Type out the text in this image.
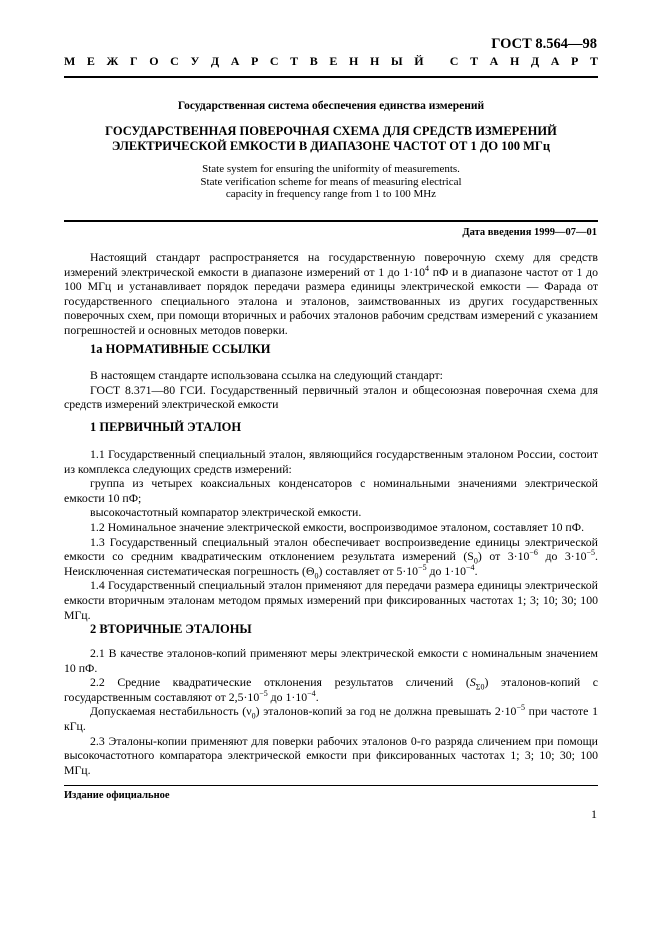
ГОСТ 8.564—98
М Е Ж Г О С У Д А Р С Т В Е Н Н Ы Й
С Т А Н Д А Р Т
Государственная система обеспечения единства измерений
ГОСУДАРСТВЕННАЯ ПОВЕРОЧНАЯ СХЕМА ДЛЯ СРЕДСТВ ИЗМЕРЕНИЙ
ЭЛЕКТРИЧЕСКОЙ ЕМКОСТИ В ДИАПАЗОНЕ ЧАСТОТ ОТ 1 ДО 100 МГц
State system for ensuring the uniformity of measurements.
State verification scheme for means of measuring electrical
capacity in frequency range from 1 to 100 MHz
Дата введения 1999—07—01

Настоящий стандарт распространяется на государственную поверочную схему для средств измерений электрической емкости в диапазоне измерений от 1 до $1\cdot 10^4$ пФ и в диапазоне частот от 1 до 100 МГц и устанавливает порядок передачи размера единицы электрической емкости — Фарада от государственного специального эталона и эталонов, заимствованных из других государственных поверочных схем, при помощи вторичных и рабочих эталонов рабочим средствам измерений с указанием погрешностей и основных методов поверки.

1а НОРМАТИВНЫЕ ССЫЛКИ

В настоящем стандарте использована ссылка на следующий стандарт:

ГОСТ 8.371—80 ГСИ. Государственный первичный эталон и общесоюзная поверочная схема для средств измерений электрической емкости

1 ПЕРВИЧНЫЙ ЭТАЛОН

1.1 Государственный специальный эталон, являющийся государственным эталоном России, состоит из комплекса следующих средств измерений:

группа из четырех коаксиальных конденсаторов с номинальными значениями электрической емкости 10 пФ;

высокочастотный компаратор электрической емкости.

1.2 Номинальное значение электрической емкости, воспроизводимое эталоном, составляет 10 пФ.

1.3 Государственный специальный эталон обеспечивает воспроизведение единицы электрической емкости со средним квадратическим отклонением результата измерений $(S_0)$ от $3\cdot 10^{-6}$ до $3\cdot 10^{-5}$. Неисключенная систематическая погрешность $(\Theta_0)$ составляет от $5\cdot 10^{-5}$ до $1\cdot 10^{-4}$.

1.4 Государственный специальный эталон применяют для передачи размера единицы электрической емкости вторичным эталонам методом прямых измерений при фиксированных частотах 1; 3; 10; 30; 100 МГц.

2 ВТОРИЧНЫЕ ЭТАЛОНЫ

2.1 В качестве эталонов-копий применяют меры электрической емкости с номинальным значением 10 пФ.

2.2 Средние квадратические отклонения результатов сличений $(S_{\Sigma 0})$ эталонов-копий с государственным составляют от $2,5\cdot 10^{-5}$ до $1\cdot 10^{-4}$.

Допускаемая нестабильность $(\nu_0)$ эталонов-копий за год не должна превышать $2\cdot 10^{-5}$ при частоте 1 кГц.

2.3 Эталоны-копии применяют для поверки рабочих эталонов 0-го разряда сличением при помощи высокочастотного компаратора электрической емкости при фиксированных частотах 1; 3; 10; 30; 100 МГц.

Издание официальное
1
